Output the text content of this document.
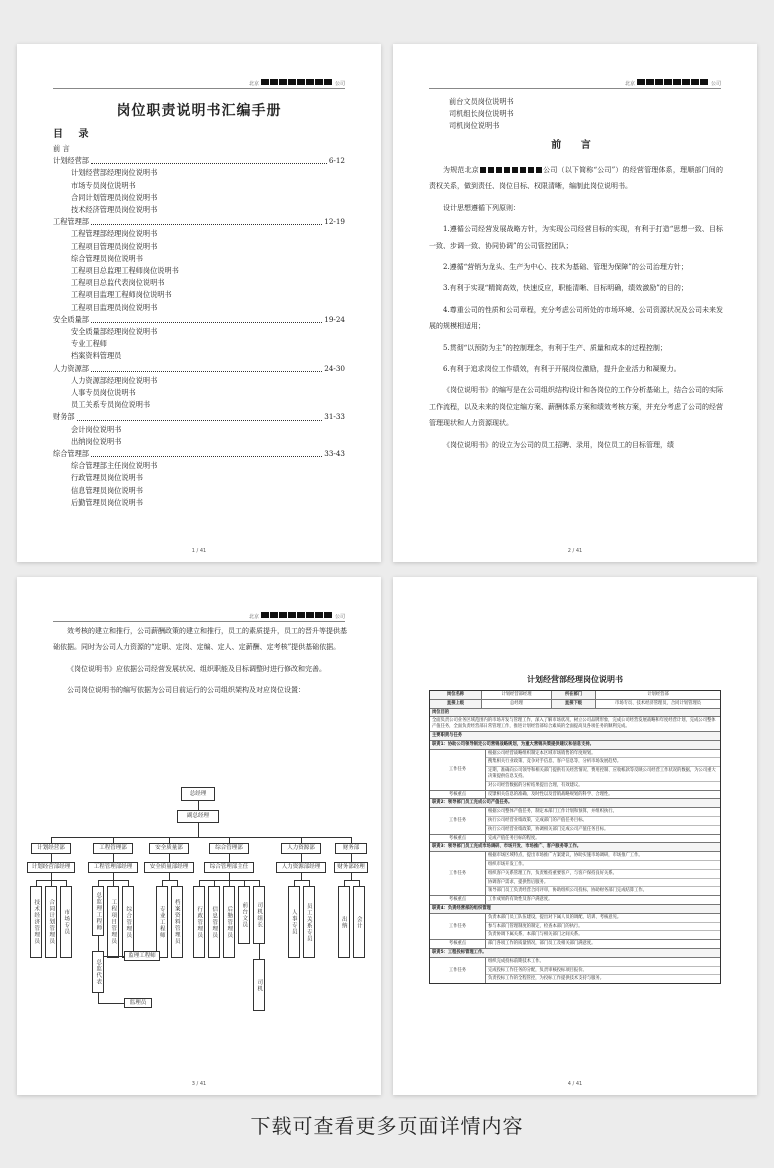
北京	公司
岗位职责说明书汇编手册
目 录
前 言
计划经营部	6-12
计划经营部经理岗位说明书
市场专员岗位说明书
合同计划管理员岗位说明书
技术经济管理员岗位说明书
工程管理部	12-19
工程管理部经理岗位说明书
工程项目管理员岗位说明书
综合管理员岗位说明书
工程项目总监理工程师岗位说明书
工程项目总监代表岗位说明书
工程项目监理工程师岗位说明书
工程项目监理员岗位说明书
安全质量部	19-24
安全质量部经理岗位说明书
专业工程师
档案资料管理员
人力资源部	24-30
人力资源部经理岗位说明书
人事专员岗位说明书
员工关系专员岗位说明书
财务部	31-33
会计岗位说明书
出纳岗位说明书
综合管理部	33-43
综合管理部主任岗位说明书
行政管理员岗位说明书
信息管理员岗位说明书
后勤管理员岗位说明书
1 / 41
北京	公司
前台文员岗位说明书
司机组长岗位说明书
司机岗位说明书
前 言

为规范北京	公司（以下简称“公司”）的经营管理体系，理顺部门间的责权关系，做到责任、岗位目标、权限清晰，编制此岗位说明书。

设计思想遵循下列原则：

1.遵循公司经营发展战略方针，为实现公司经营目标的实现，有利于打造“思想一致、目标一致、步调一致、协同协调”的公司管控团队；

2.遵循“营销为龙头、生产为中心、技术为基础、管理为保障”的公司治理方针；

3.有利于实现“精简高效，快速反应，职能清晰、目标明确，绩效激励”的目的；

4.尊重公司的性质和公司章程，充分考虑公司所处的市场环境、公司资源状况及公司未来发展的规模相适用；

5.贯彻“以预防为主”的控制理念，有利于生产、质量和成本的过程控制；

6.有利于追求岗位工作绩效，有利于开展岗位激励，提升企业活力和凝聚力。

《岗位说明书》的编写是在公司组织结构设计和各岗位的工作分析基础上，结合公司的实际工作流程，以及未来的岗位定编方案、薪酬体系方案和绩效考核方案，并充分考虑了公司的经营管理现状和人力资源现状。

《岗位说明书》的设立为公司的员工招聘、录用，岗位员工的目标管理，绩

2 / 41
北京	公司

效考核的建立和推行，公司薪酬政策的建立和推行，员工的素质提升，员工的晋升等提供基础依据。同时为公司人力资源的“定职、定岗、定编、定人、定薪酬、定考核”提供基础依据。

《岗位说明书》应依据公司经营发展状况、组织职能及目标调整时进行修改和完善。

公司岗位说明书的编写依据为公司目前运行的公司组织架构及对应岗位设置：

总经理
副总经理
计划经营部
计划经营部经理
技术经济管理员	合同计划管理员	市场专员
工程管理部
工程管理部经理
总监理工程师	工程项目管理员	综合管理员
安全质量部
安全质量部经理
专业工程师	档案资料管理员
综合管理部
综合管理部主任
行政管理员	信息管理员	后勤管理员	前台文员	司机组长
人力资源部
人力资源部经理
人事专员	员工关系专员
财务部
财务部经理
出纳	会计
总监代表
监理工程师
监理员
司机
3 / 41
计划经营部经理岗位说明书
岗位名称	计划经营部经理	所在部门	计划经营部
直接上级	总经理	直接下级	市场专员、技术经济管理员、合同计划管理员
岗位目的
全面负责公司业务区域范围内的市场开发与管理工作，深入了解市场状况，树立公司品牌形象，完成公司经营发展战略和年度经营计划，完成公司整体产值任务，全面负责经营部日常管理工作，推进计划经营部综合素质的全面提高及各项任务的顺利完成。
主要职责与任务
职责1：协助公司领导制定公司营销战略规划，为重大营销决策提供建议和信息支持。
工作任务
根据公司经营战略组织制定本区域市场销售的年度规划。
搜集相关行业政策、竞争对手信息，客户信息等，分析市场发展趋势。
定期，准确向公司领导和相关部门提供有关经营情况、费用控制、应收帐款等反映公司经营工作状况的数据，为公司重大决策提供信息支持。
对公司经营数据的分析结果提出合理，有效建议。
考核重点	反馈相关信息的准确、及时性以及营销战略规划的科学、合理性。
职责2：领导部门员工完成公司产值任务。
工作任务
根据公司整体产值任务，制定本部门工作计划和预算，并组织执行。
执行公司经营业绩政策，完成部门的产值任务目标。
执行公司经营业绩政策，协调相关部门完成公司产值任务目标。
考核重点	完成产值任务目标的程度。
职责3：领导部门员工完成市场调研、市场开发、市场推广、客户服务等工作。
工作任务
根据市场区域特点，提出市场推广方案建议，协助实施市场调研，市场推广工作。
组织市场开发工作。
组织客户关系管理工作，负责维持重要客户，与客户保持良好关系。
协调客户需求，提供售后服务。
领导部门员工负责经营合同评审，协助组织公司投标，协助财务部门完成结算工作。
考核重点	工作成果的有效性及客户满意度。
职责4：负责经营部的组织管理
工作任务
负责本部门员工队伍建设，提出对下属人员的调配、培训、考核意见。
参与本部门管理制度的制定，检查本部门的执行。
负责协调下属关系，本部门与相关部门之间关系。
考核重点	部门各项工作的质量情况，部门员工及相关部门满意度。
职责5：工程投标管理工作。
工作任务
组织完成投标前期技术工作。
完成投标工作任务的分配，负责审核投标项目报价。
负责投标工作的全程管控，为投标工作提供技术支持与服务。
4 / 41
下载可查看更多页面详情内容
